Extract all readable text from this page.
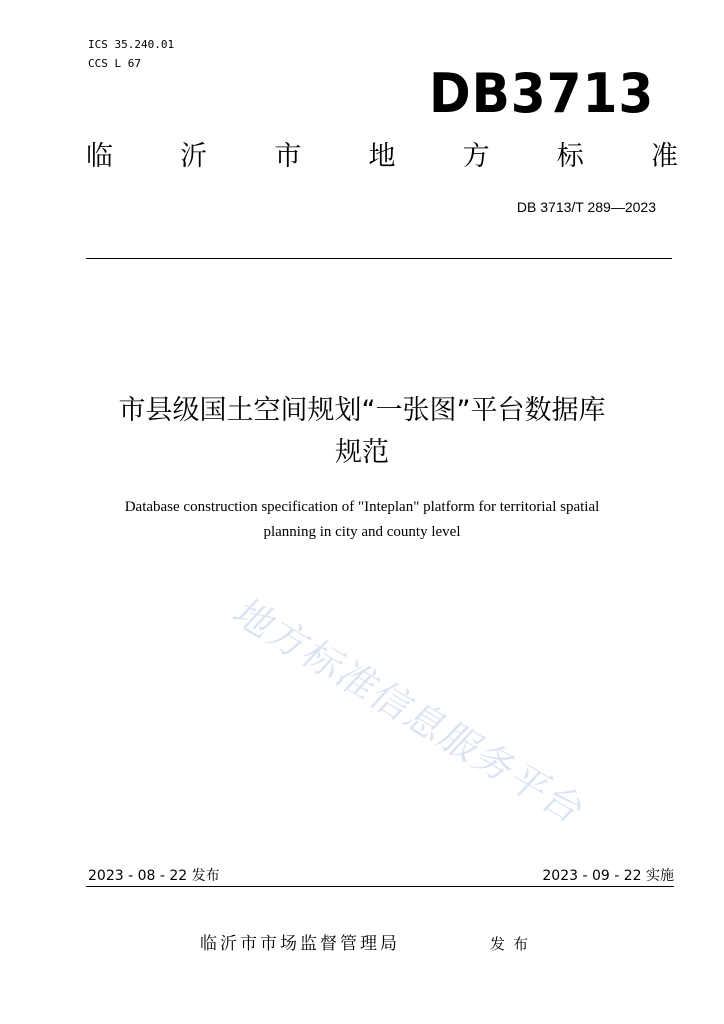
ICS 35.240.01
CCS L 67	DB3713
临 沂 市 地 方 标 准
DB 3713/T 289—2023
市县级国土空间规划“一张图”平台数据库
规范
Database construction specification of "Inteplan" platform for territorial spatial
planning in city and county level
地方标准信息服务平台
2023 - 08 - 22 发布	2023 - 09 - 22 实施
临沂市市场监督管理局	发布
